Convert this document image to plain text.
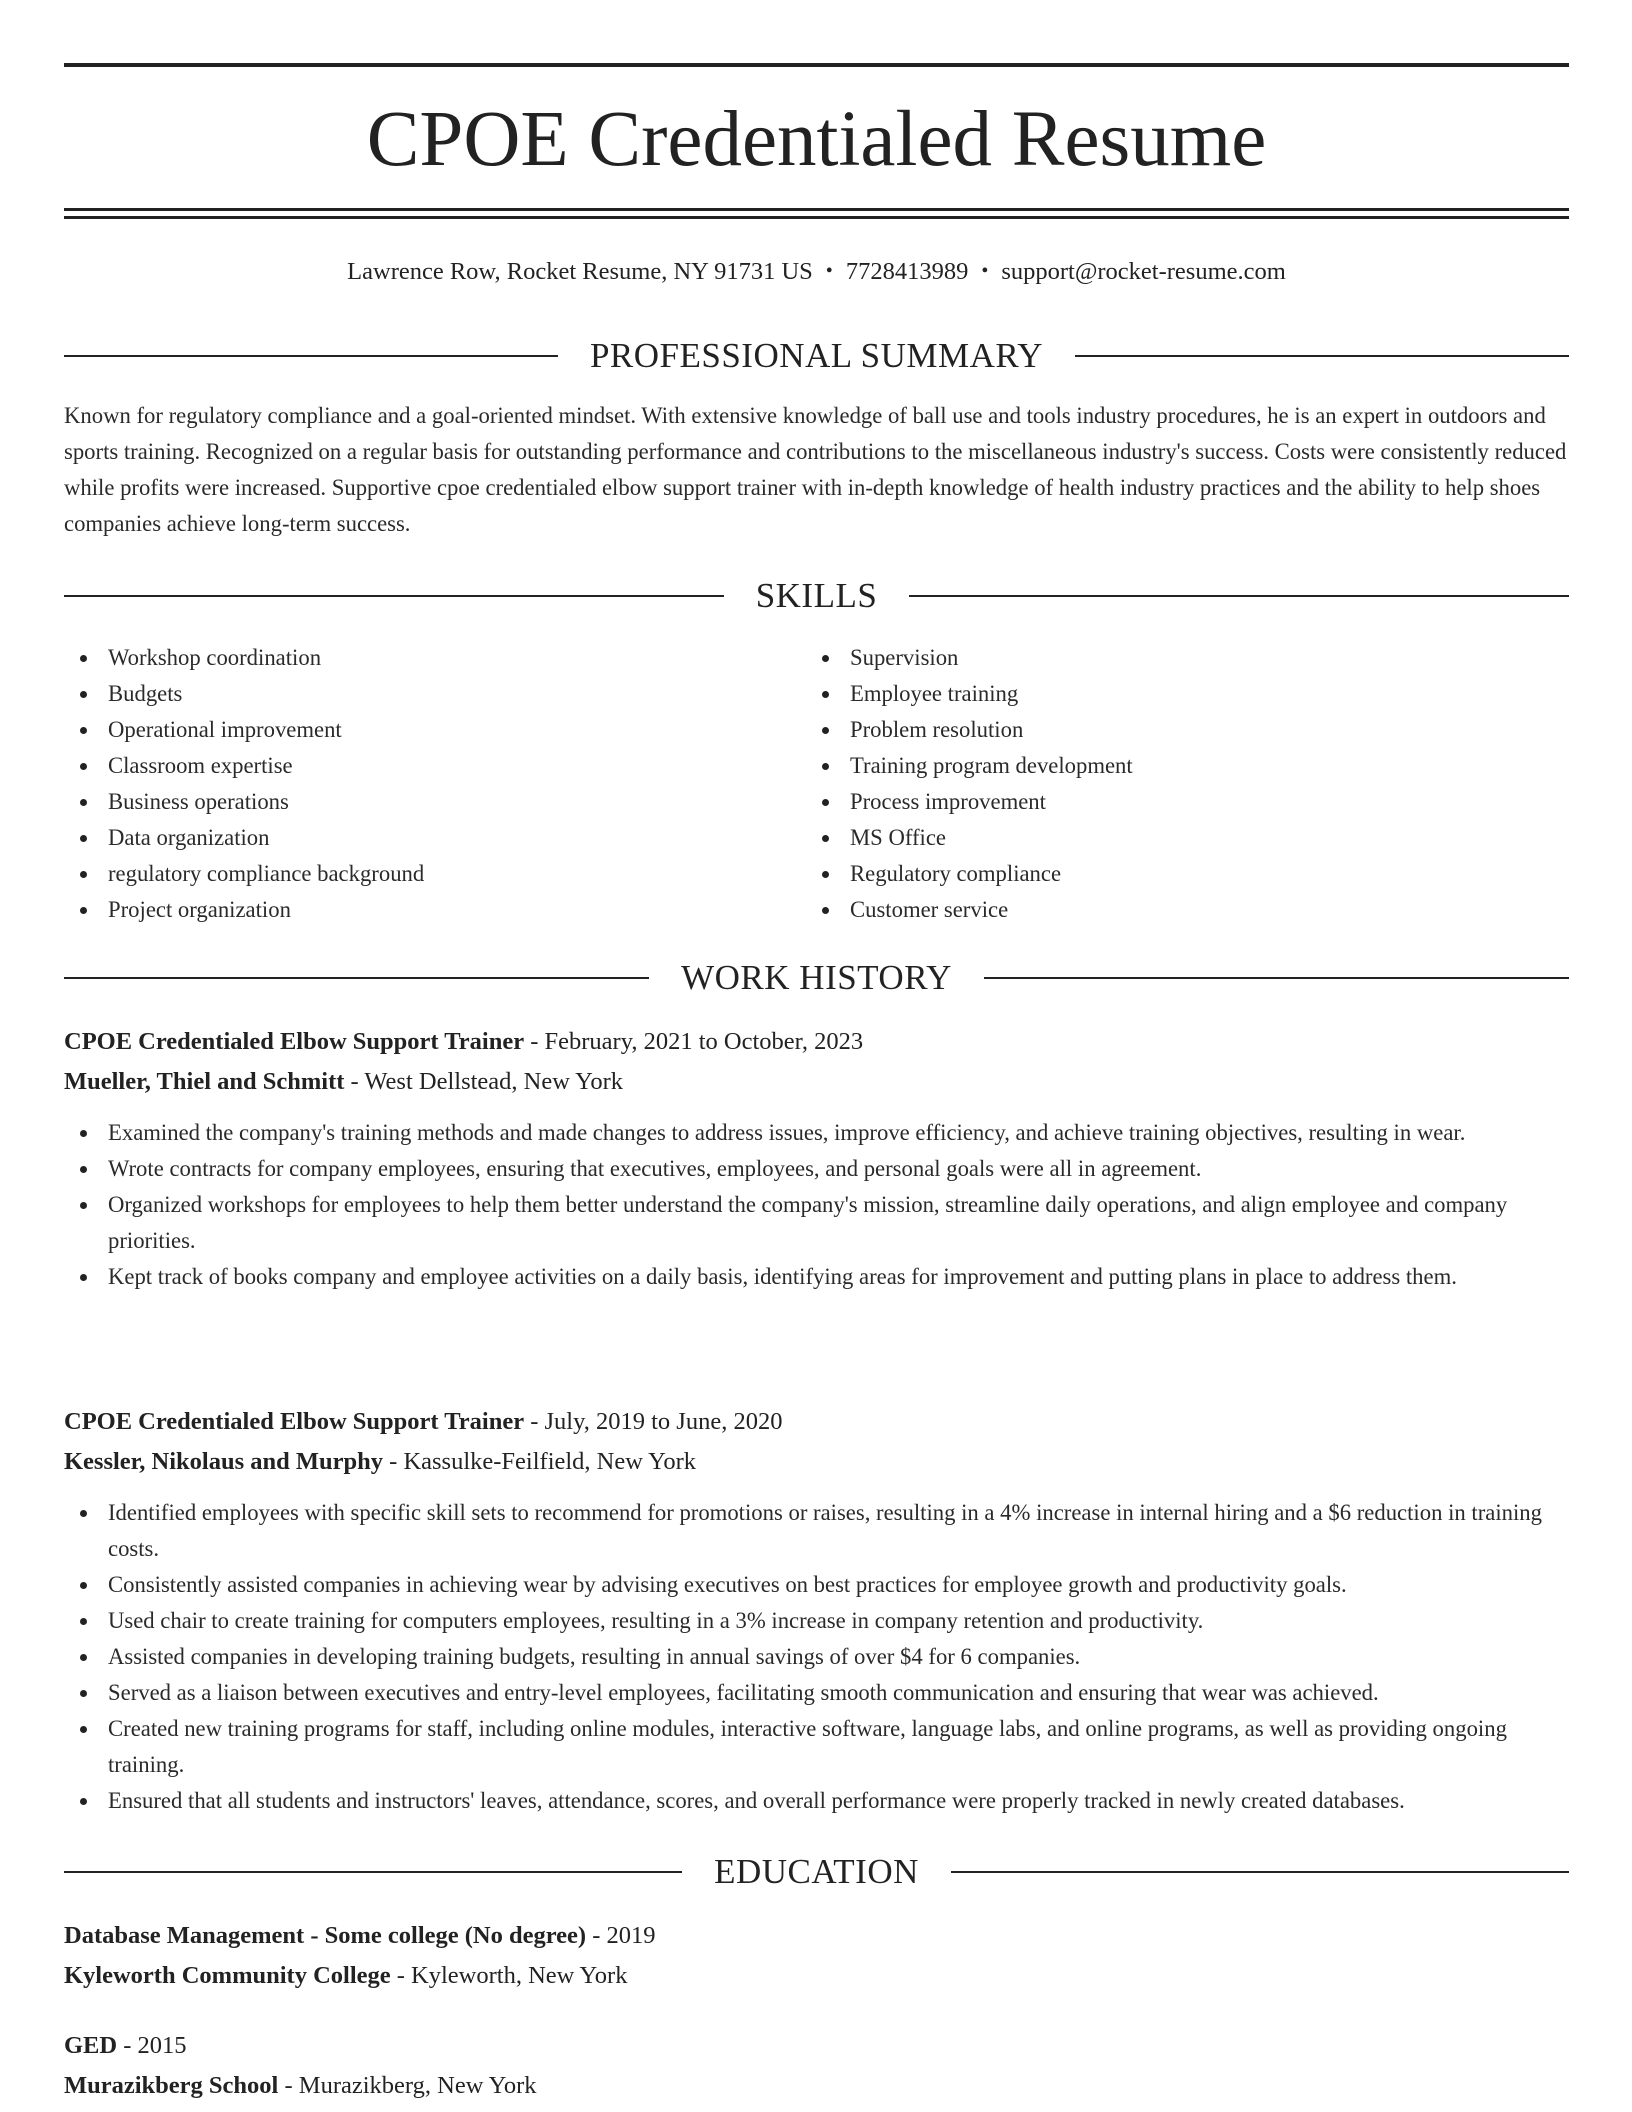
CPOE Credentialed Resume
Lawrence Row, Rocket Resume, NY 91731 US • 7728413989 • support@rocket-resume.com
PROFESSIONAL SUMMARY

Known for regulatory compliance and a goal-oriented mindset. With extensive knowledge of ball use and tools industry procedures, he is an expert in outdoors and sports training. Recognized on a regular basis for outstanding performance and contributions to the miscellaneous industry's success. Costs were consistently reduced while profits were increased. Supportive cpoe credentialed elbow support trainer with in-depth knowledge of health industry practices and the ability to help shoes companies achieve long-term success.

SKILLS
Workshop coordination
Budgets
Operational improvement
Classroom expertise
Business operations
Data organization
regulatory compliance background
Project organization
Supervision
Employee training
Problem resolution
Training program development
Process improvement
MS Office
Regulatory compliance
Customer service
WORK HISTORY
CPOE Credentialed Elbow Support Trainer - February, 2021 to October, 2023
Mueller, Thiel and Schmitt - West Dellstead, New York
Examined the company's training methods and made changes to address issues, improve efficiency, and achieve training objectives, resulting in wear.
Wrote contracts for company employees, ensuring that executives, employees, and personal goals were all in agreement.
Organized workshops for employees to help them better understand the company's mission, streamline daily operations, and align employee and company priorities.
Kept track of books company and employee activities on a daily basis, identifying areas for improvement and putting plans in place to address them.
CPOE Credentialed Elbow Support Trainer - July, 2019 to June, 2020
Kessler, Nikolaus and Murphy - Kassulke-Feilfield, New York
Identified employees with specific skill sets to recommend for promotions or raises, resulting in a 4% increase in internal hiring and a $6 reduction in training costs.
Consistently assisted companies in achieving wear by advising executives on best practices for employee growth and productivity goals.
Used chair to create training for computers employees, resulting in a 3% increase in company retention and productivity.
Assisted companies in developing training budgets, resulting in annual savings of over $4 for 6 companies.
Served as a liaison between executives and entry-level employees, facilitating smooth communication and ensuring that wear was achieved.
Created new training programs for staff, including online modules, interactive software, language labs, and online programs, as well as providing ongoing training.
Ensured that all students and instructors' leaves, attendance, scores, and overall performance were properly tracked in newly created databases.
EDUCATION
Database Management - Some college (No degree) - 2019
Kyleworth Community College - Kyleworth, New York
GED - 2015
Murazikberg School - Murazikberg, New York
